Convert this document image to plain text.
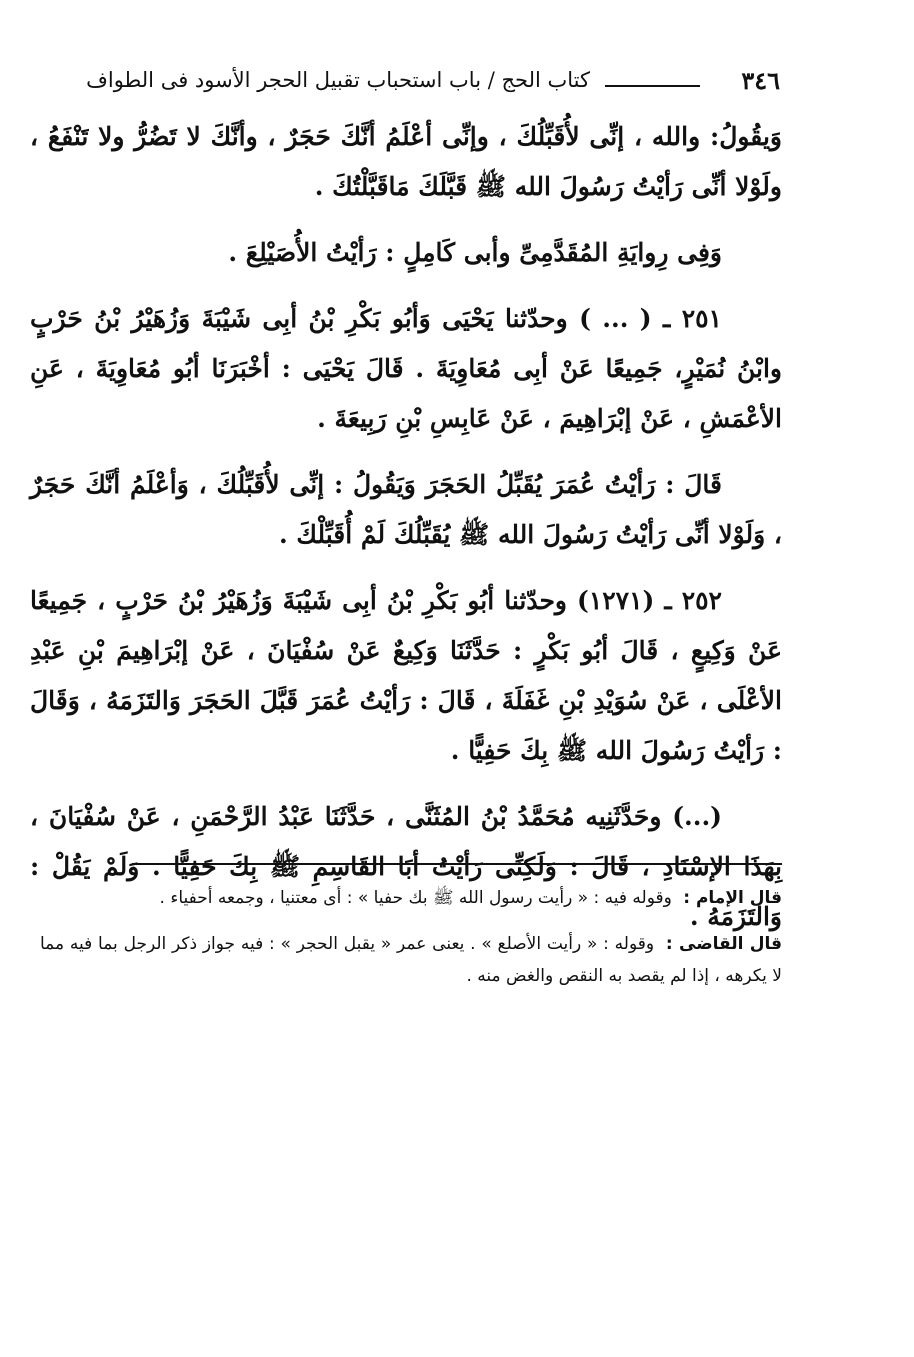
٣٤٦
كتاب الحج / باب استحباب تقبيل الحجر الأسود فى الطواف

وَيقُولُ: والله ، إنِّى لأُقَبِّلُكَ ، وإنِّى أعْلَمُ أنَّكَ حَجَرٌ ، وأنَّكَ لا تَضُرُّ ولا تَنْفَعُ ، ولَوْلا أنِّى رَأيْتُ رَسُولَ الله ﷺ قَبَّلَكَ مَاقَبَّلْتُكَ .

وَفِى رِوايَةِ المُقَدَّمِىِّ وأبى كَامِلٍ : رَأيْتُ الأُصَيْلِعَ .

٢٥١ ـ ( ... ) وحدّثنا يَحْيَى وَأبُو بَكْرِ بْنُ أبِى شَيْبَةَ وَزُهَيْرُ بْنُ حَرْبٍ وابْنُ نُمَيْرٍ، جَمِيعًا عَنْ أبِى مُعَاوِيَةَ . قَالَ يَحْيَى : أخْبَرَنَا أبُو مُعَاوِيَةَ ، عَنِ الأعْمَشِ ، عَنْ إبْرَاهِيمَ ، عَنْ عَابِسِ بْنِ رَبِيعَةَ .

قَالَ : رَأيْتُ عُمَرَ يُقَبِّلُ الحَجَرَ وَيَقُولُ : إنِّى لأُقَبِّلُكَ ، وَأعْلَمُ أنَّكَ حَجَرٌ ، وَلَوْلا أنِّى رَأيْتُ رَسُولَ الله ﷺ يُقَبِّلُكَ لَمْ أُقَبِّلْكَ .

٢٥٢ ـ (١٢٧١) وحدّثنا أبُو بَكْرِ بْنُ أبِى شَيْبَةَ وَزُهَيْرُ بْنُ حَرْبٍ ، جَمِيعًا عَنْ وَكِيعٍ ، قَالَ أبُو بَكْرٍ : حَدَّثَنَا وَكِيعٌ عَنْ سُفْيَانَ ، عَنْ إبْرَاهِيمَ بْنِ عَبْدِ الأعْلَى ، عَنْ سُوَيْدِ بْنِ غَفَلَةَ ، قَالَ : رَأيْتُ عُمَرَ قَبَّلَ الحَجَرَ وَالتَزَمَهُ ، وَقَالَ : رَأيْتُ رَسُولَ الله ﷺ بِكَ حَفِيًّا .

(...) وحَدَّثَنِيه مُحَمَّدُ بْنُ المُثَنَّى ، حَدَّثَنَا عَبْدُ الرَّحْمَنِ ، عَنْ سُفْيَانَ ، بِهَذَا الإسْنَادِ ، قَالَ : وَلَكِنِّى رَأيْتُ أبَا القَاسِمِ ﷺ بِكَ حَفِيًّا . وَلَمْ يَقُلْ : وَالتَزَمَهُ .

قال الإمام : وقوله فيه : « رأيت رسول الله ﷺ بك حفيا » : أى معتنيا ، وجمعه أحفياء .

قال القاضى : وقوله : « رأيت الأصلع » . يعنى عمر « يقبل الحجر » : فيه جواز ذكر الرجل بما فيه مما لا يكرهه ، إذا لم يقصد به النقص والغض منه .
